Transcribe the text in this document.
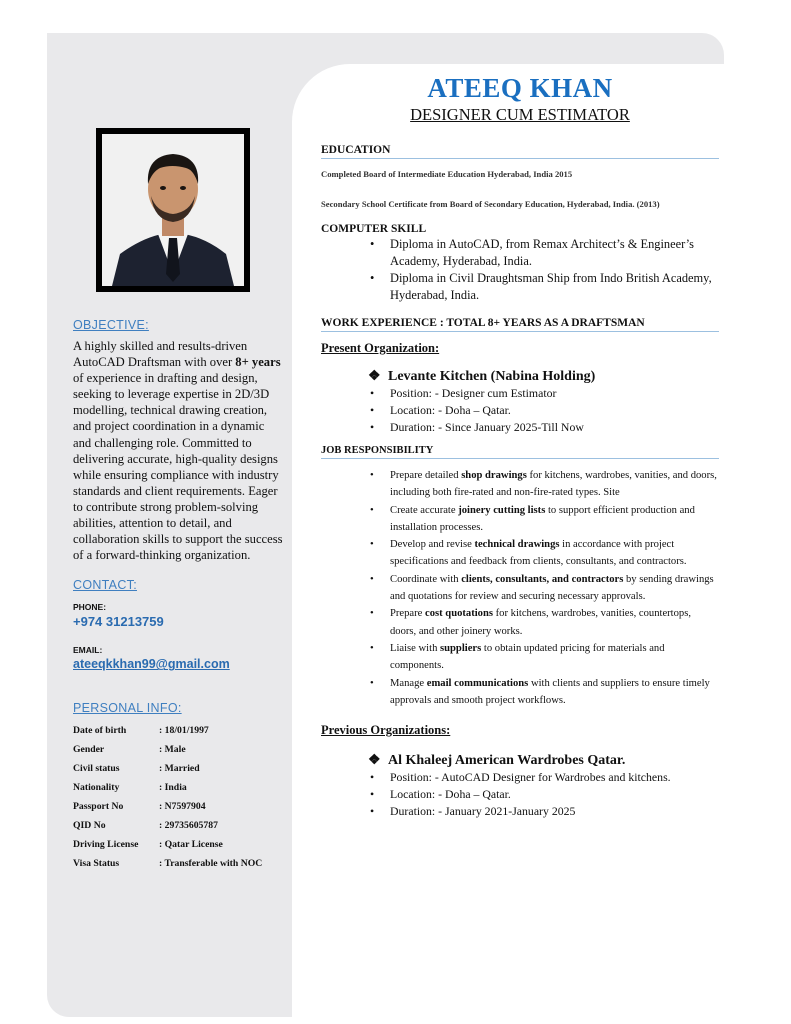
OBJECTIVE:

A highly skilled and results-driven AutoCAD Draftsman with over 8+ years of experience in drafting and design, seeking to leverage expertise in 2D/3D modelling, technical drawing creation, and project coordination in a dynamic and challenging role. Committed to delivering accurate, high-quality designs while ensuring compliance with industry standards and client requirements. Eager to contribute strong problem-solving abilities, attention to detail, and collaboration skills to support the success of a forward-thinking organization.

CONTACT:

PHONE:

+974 31213759

EMAIL:

ateeqkkhan99@gmail.com

PERSONAL INFO:

Date of birth	: 18/01/1997
Gender	: Male
Civil status	: Married
Nationality	: India
Passport No	: N7597904
QID No	: 29735605787
Driving License	: Qatar License
Visa Status	: Transferable with NOC

ATEEQ KHAN

DESIGNER CUM ESTIMATOR

EDUCATION

Completed Board of Intermediate Education Hyderabad, India 2015

Secondary School Certificate from Board of Secondary Education, Hyderabad, India. (2013)

COMPUTER SKILL

• Diploma in AutoCAD, from Remax Architect’s & Engineer’s Academy, Hyderabad, India.
• Diploma in Civil Draughtsman Ship from Indo British Academy, Hyderabad, India.

WORK EXPERIENCE : TOTAL 8+ YEARS AS A DRAFTSMAN

Present Organization:

❖ Levante Kitchen (Nabina Holding)

• Position: - Designer cum Estimator
• Location: - Doha – Qatar.
• Duration: - Since January 2025-Till Now

JOB RESPONSIBILITY

• Prepare detailed shop drawings for kitchens, wardrobes, vanities, and doors, including both fire-rated and non-fire-rated types. Site
• Create accurate joinery cutting lists to support efficient production and installation processes.
• Develop and revise technical drawings in accordance with project specifications and feedback from clients, consultants, and contractors.
• Coordinate with clients, consultants, and contractors by sending drawings and quotations for review and securing necessary approvals.
• Prepare cost quotations for kitchens, wardrobes, vanities, countertops, doors, and other joinery works.
• Liaise with suppliers to obtain updated pricing for materials and components.
• Manage email communications with clients and suppliers to ensure timely approvals and smooth project workflows.

Previous Organizations:

❖ Al Khaleej American Wardrobes Qatar.

• Position: - AutoCAD Designer for Wardrobes and kitchens.
• Location: - Doha – Qatar.
• Duration: - January 2021-January 2025
